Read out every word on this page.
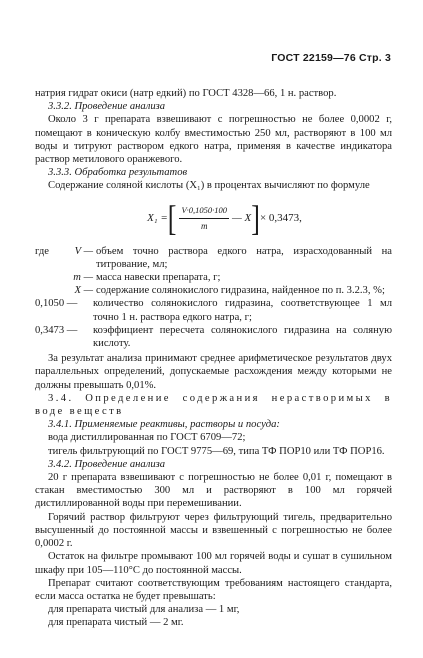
ГОСТ 22159—76 Стр. 3

натрия гидрат окиси (натр едкий) по ГОСТ 4328—66, 1 н. раствор.

3.3.2. Проведение анализа

Около 3 г препарата взвешивают с погрешностью не более 0,0002 г, помещают в коническую колбу вместимостью 250 мл, растворяют в 100 мл воды и титруют раствором едкого натра, применяя в качестве индикатора раствор метилового оранжевого.

3.3.3. Обработка результатов

Содержание соляной кислоты (X₁) в процентах вычисляют по формуле

X₁ = [ $\frac{V\cdot 0,1050\cdot 100}{m}$ — X ] × 0,3473,
где	V — объем точно раствора едкого натра, израсходованный на титрование, мл;
m — масса навески препарата, г;
X — содержание солянокислого гидразина, найденное по п. 3.2.3, %;
0,1050 —	количество солянокислого гидразина, соответствующее 1 мл точно 1 н. раствора едкого натра, г;
0,3473 —	коэффициент пересчета солянокислого гидразина на соляную кислоту.

За результат анализа принимают среднее арифметическое результатов двух параллельных определений, допускаемые расхождения между которыми не должны превышать 0,01%.

3.4. Определение содержания нерастворимых в воде веществ

3.4.1. Применяемые реактивы, растворы и посуда:

вода дистиллированная по ГОСТ 6709—72;

тигель фильтрующий по ГОСТ 9775—69, типа ТФ ПОР10 или ТФ ПОР16.

3.4.2. Проведение анализа

20 г препарата взвешивают с погрешностью не более 0,01 г, помещают в стакан вместимостью 300 мл и растворяют в 100 мл горячей дистиллированной воды при перемешивании.

Горячий раствор фильтруют через фильтрующий тигель, предварительно высушенный до постоянной массы и взвешенный с погрешностью не более 0,0002 г.

Остаток на фильтре промывают 100 мл горячей воды и сушат в сушильном шкафу при 105—110°С до постоянной массы.

Препарат считают соответствующим требованиям настоящего стандарта, если масса остатка не будет превышать:

для препарата чистый для анализа — 1 мг,

для препарата чистый — 2 мг.
